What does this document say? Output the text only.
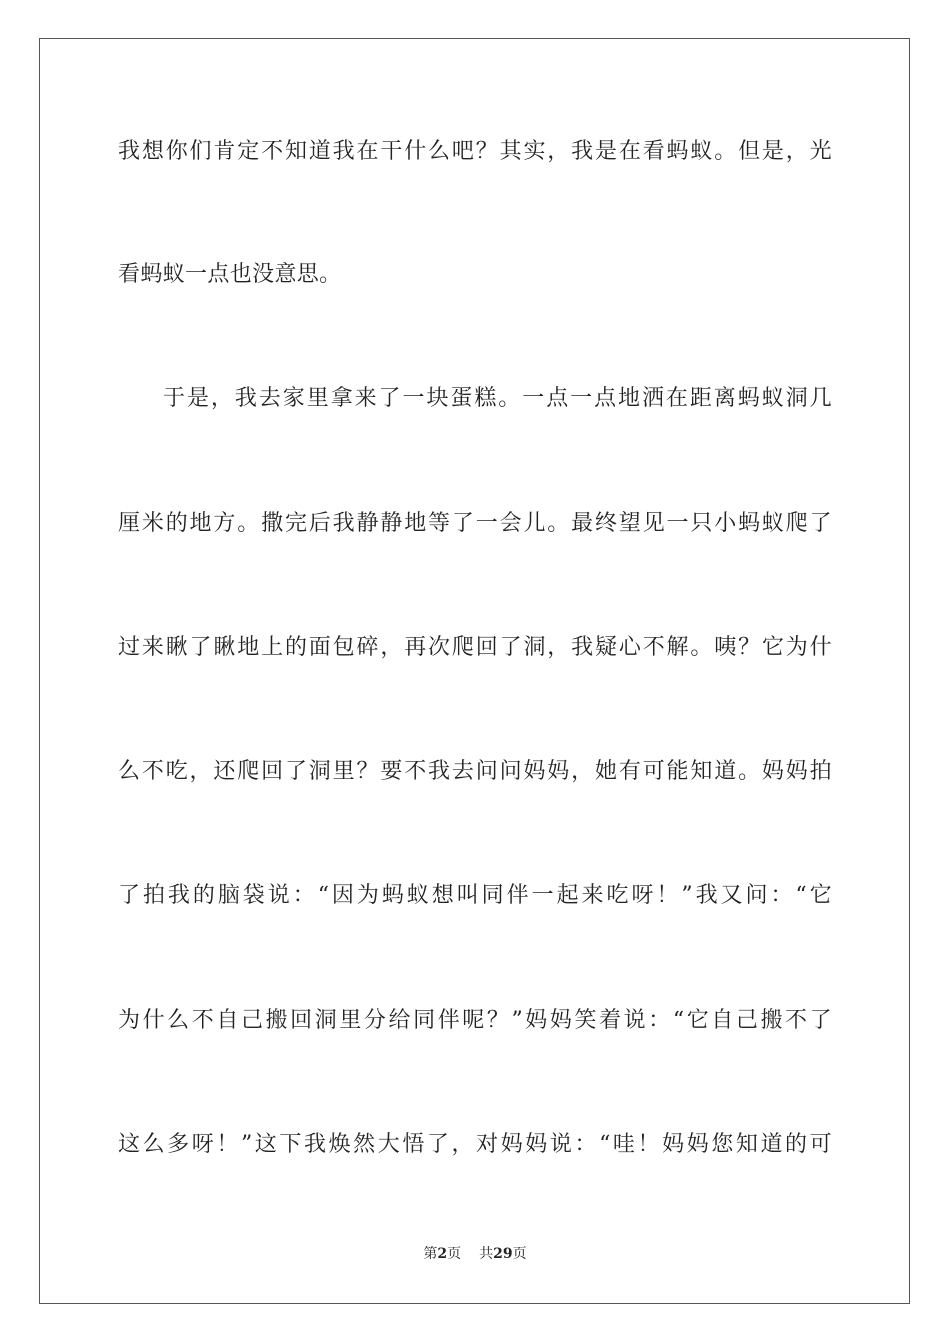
我想你们肯定不知道我在干什么吧？其实，我是在看蚂蚁。但是，光
看蚂蚁一点也没意思。
于是，我去家里拿来了一块蛋糕。一点一点地洒在距离蚂蚁洞几
厘米的地方。撒完后我静静地等了一会儿。最终望见一只小蚂蚁爬了
过来瞅了瞅地上的面包碎，再次爬回了洞，我疑心不解。咦？它为什
么不吃，还爬回了洞里？要不我去问问妈妈，她有可能知道。妈妈拍
了拍我的脑袋说：“因为蚂蚁想叫同伴一起来吃呀！”我又问：“它
为什么不自己搬回洞里分给同伴呢？”妈妈笑着说：“它自己搬不了
这么多呀！”这下我焕然大悟了，对妈妈说：“哇！妈妈您知道的可
第2页 共29页
